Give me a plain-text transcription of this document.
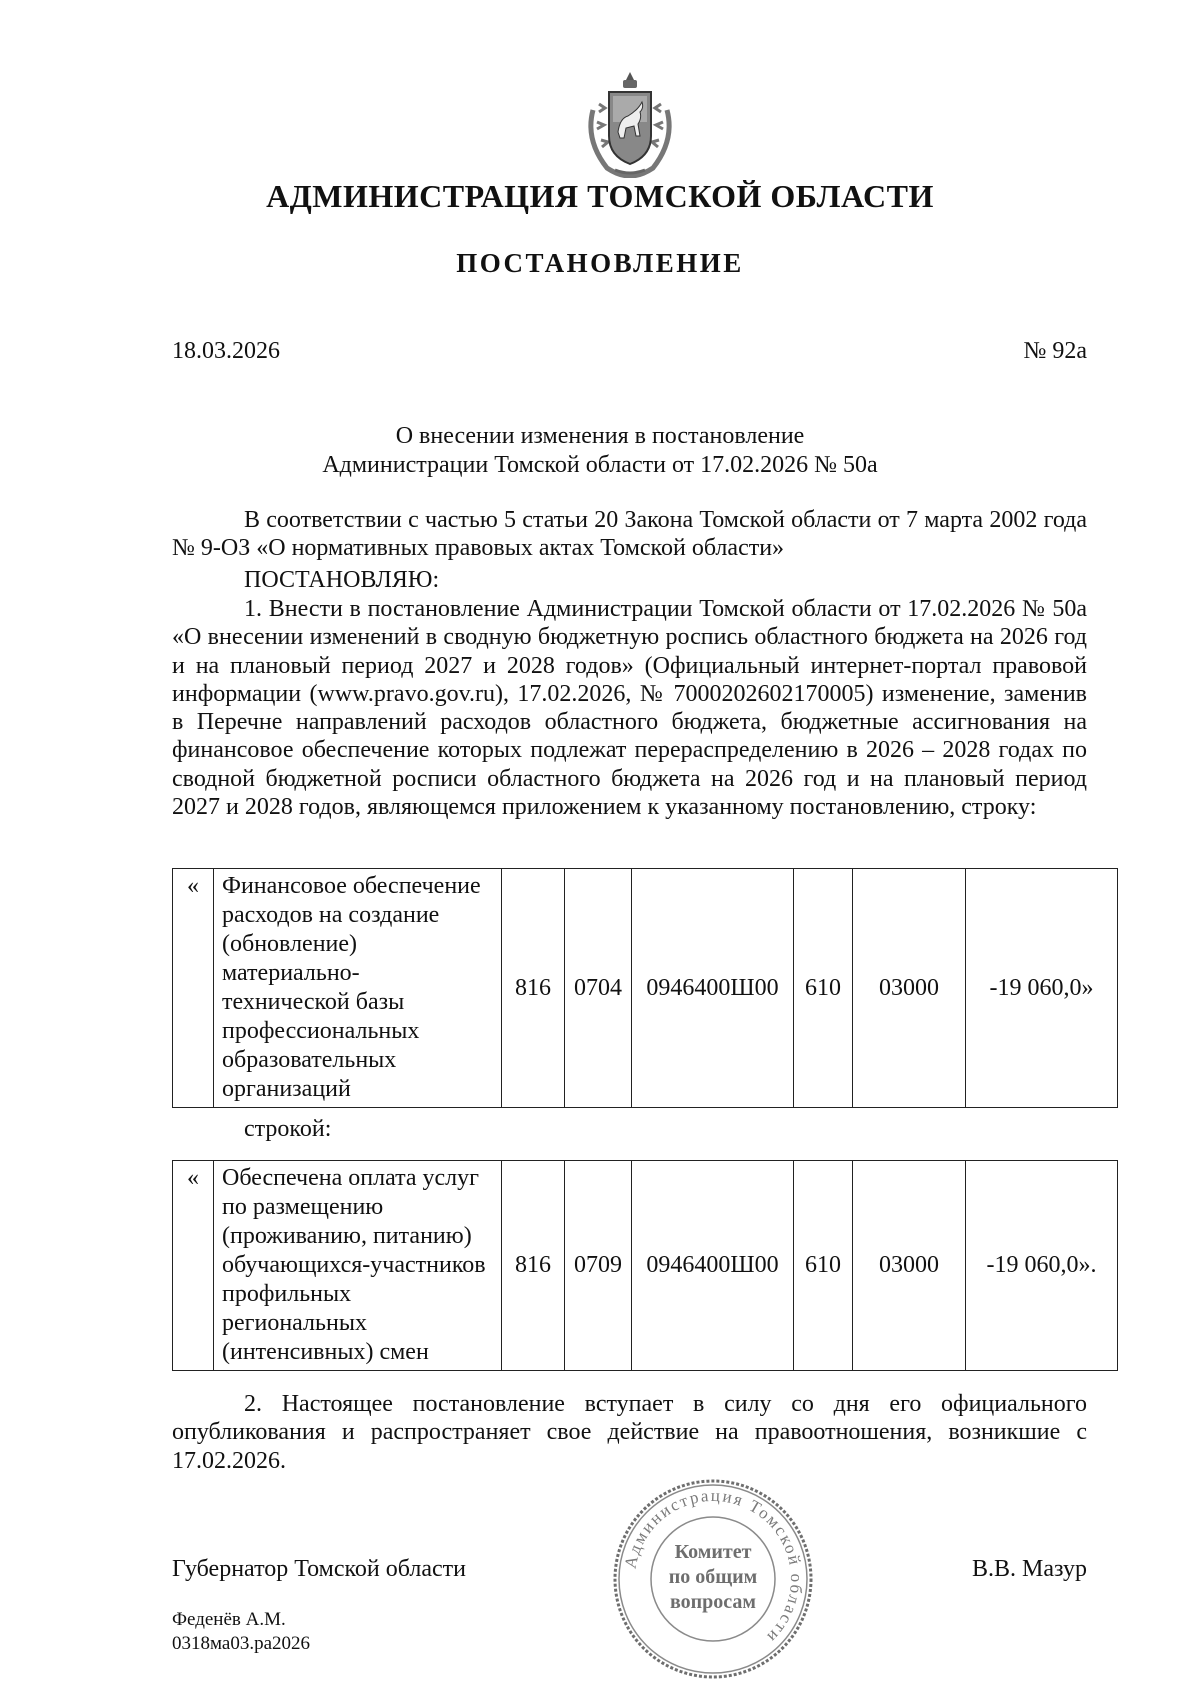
АДМИНИСТРАЦИЯ ТОМСКОЙ ОБЛАСТИ
ПОСТАНОВЛЕНИЕ
18.03.2026	№ 92а
О внесении изменения в постановление
Администрации Томской области от 17.02.2026 № 50а
В соответствии с частью 5 статьи 20 Закона Томской области от 7 марта 2002 года № 9-ОЗ «О нормативных правовых актах Томской области»
ПОСТАНОВЛЯЮ:
1. Внести в постановление Администрации Томской области от 17.02.2026 № 50а «О внесении изменений в сводную бюджетную роспись областного бюджета на 2026 год и на плановый период 2027 и 2028 годов» (Официальный интернет-портал правовой информации (www.pravo.gov.ru), 17.02.2026, № 7000202602170005) изменение, заменив в Перечне направлений расходов областного бюджета, бюджетные ассигнования на финансовое обеспечение которых подлежат перераспределению в 2026 – 2028 годах по сводной бюджетной росписи областного бюджета на 2026 год и на плановый период 2027 и 2028 годов, являющемся приложением к указанному постановлению, строку:
«	Финансовое обеспечение
расходов на создание
(обновление)
материально-
технической базы
профессиональных
образовательных
организаций
	816	0704	0946400Ш00	610	03000	-19 060,0»
строкой:
«	Обеспечена оплата услуг
по размещению
(проживанию, питанию)
обучающихся-участников
профильных
региональных
(интенсивных) смен
	816	0709	0946400Ш00	610	03000	-19 060,0».
2. Настоящее постановление вступает в силу со дня его официального опубликования и распространяет свое действие на правоотношения, возникшие с 17.02.2026.
Администрация Томской области
Комитет
по общим
вопросам
Губернатор Томской области	В.В. Мазур
Феденёв А.М.
0318ма03.ра2026
